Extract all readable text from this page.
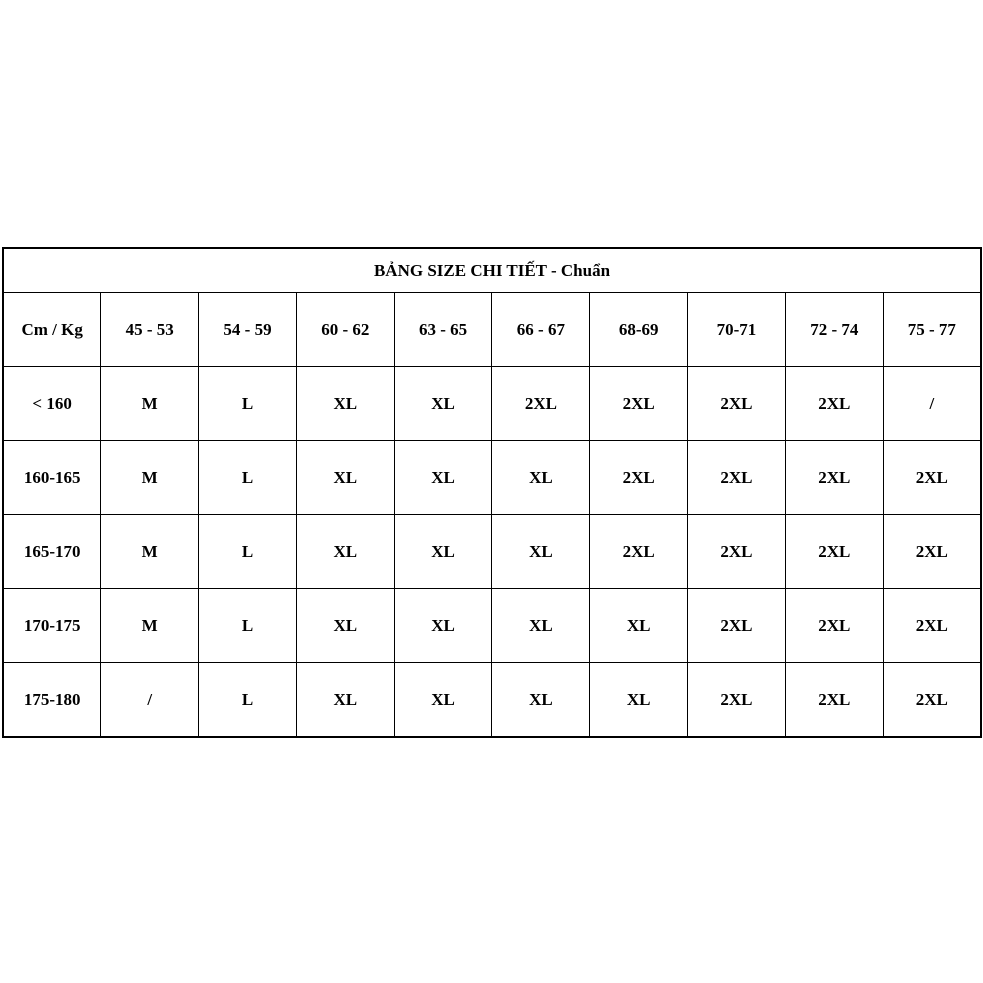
BẢNG SIZE CHI TIẾT - Chuẩn									
Cm / Kg	45 - 53	54 - 59	60 - 62	63 - 65	66 - 67	68-69	70-71	72 - 74	75 - 77
< 160	M	L	XL	XL	2XL	2XL	2XL	2XL	/
160-165	M	L	XL	XL	XL	2XL	2XL	2XL	2XL
165-170	M	L	XL	XL	XL	2XL	2XL	2XL	2XL
170-175	M	L	XL	XL	XL	XL	2XL	2XL	2XL
175-180	/	L	XL	XL	XL	XL	2XL	2XL	2XL
